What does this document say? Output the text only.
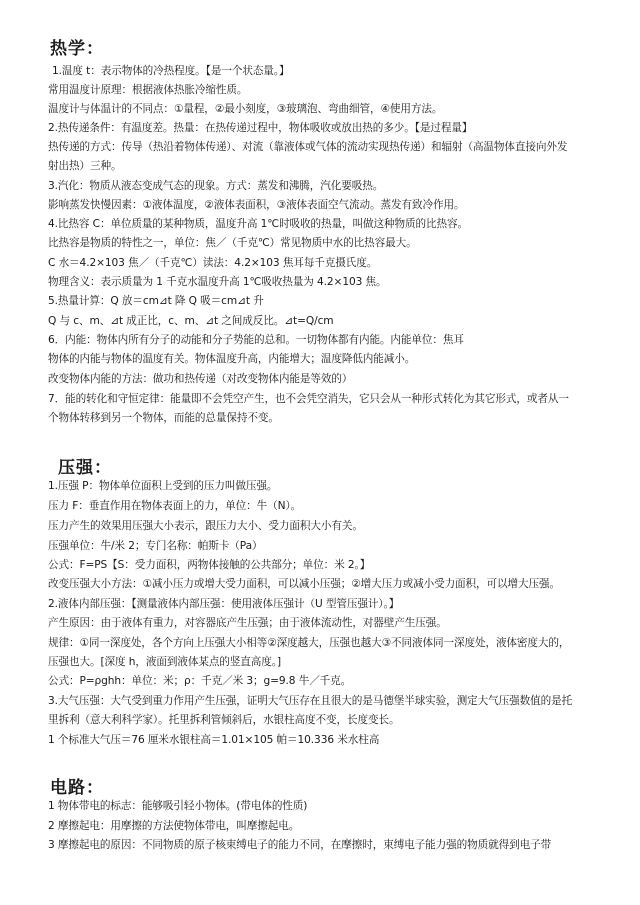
热学：
1.温度 t：表示物体的冷热程度。【是一个状态量。】
常用温度计原理：根据液体热胀冷缩性质。
温度计与体温计的不同点：①量程，②最小刻度，③玻璃泡、弯曲细管，④使用方法。
2.热传递条件：有温度差。热量：在热传递过程中，物体吸收或放出热的多少。【是过程量】
热传递的方式：传导（热沿着物体传递）、对流（靠液体或气体的流动实现热传递）和辐射（高温物体直接向外发
射出热）三种。
3.汽化：物质从液态变成气态的现象。方式：蒸发和沸腾，汽化要吸热。
影响蒸发快慢因素：①液体温度，②液体表面积，③液体表面空气流动。蒸发有致冷作用。
4.比热容 C：单位质量的某种物质，温度升高 1℃时吸收的热量，叫做这种物质的比热容。
比热容是物质的特性之一，单位：焦／（千克℃）常见物质中水的比热容最大。
C 水＝4.2×103 焦／（千克℃）读法：4.2×103 焦耳每千克摄氏度。
物理含义：表示质量为 1 千克水温度升高 1℃吸收热量为 4.2×103 焦。
5.热量计算：Q 放＝cm⊿t 降 Q 吸＝cm⊿t 升
Q 与 c、m、⊿t 成正比，c、m、⊿t 之间成反比。⊿t=Q/cm
6．内能：物体内所有分子的动能和分子势能的总和。一切物体都有内能。内能单位：焦耳
物体的内能与物体的温度有关。物体温度升高，内能增大；温度降低内能减小。
改变物体内能的方法：做功和热传递（对改变物体内能是等效的）
7．能的转化和守恒定律：能量即不会凭空产生，也不会凭空消失，它只会从一种形式转化为其它形式，或者从一
个物体转移到另一个物体，而能的总量保持不变。
压强：
1.压强 P：物体单位面积上受到的压力叫做压强。
压力 F：垂直作用在物体表面上的力，单位：牛（N）。
压力产生的效果用压强大小表示，跟压力大小、受力面积大小有关。
压强单位：牛/米 2；专门名称：帕斯卡（Pa）
公式：F=PS【S：受力面积，两物体接触的公共部分；单位：米 2。】
改变压强大小方法：①减小压力或增大受力面积，可以减小压强；②增大压力或减小受力面积，可以增大压强。
2.液体内部压强：【测量液体内部压强：使用液体压强计（U 型管压强计）。】
产生原因：由于液体有重力，对容器底产生压强；由于液体流动性，对器壁产生压强。
规律：①同一深度处，各个方向上压强大小相等②深度越大，压强也越大③不同液体同一深度处，液体密度大的，
压强也大。[深度 h，液面到液体某点的竖直高度。]
公式：P=ρghh：单位：米；ρ：千克／米 3；g=9.8 牛／千克。
3.大气压强：大气受到重力作用产生压强，证明大气压存在且很大的是马德堡半球实验，测定大气压强数值的是托
里拆利（意大利科学家）。托里拆利管倾斜后，水银柱高度不变，长度变长。
1 个标准大气压＝76 厘米水银柱高＝1.01×105 帕＝10.336 米水柱高
电路：
1 物体带电的标志：能够吸引轻小物体。(带电体的性质)
2 摩擦起电：用摩擦的方法使物体带电，叫摩擦起电。
3 摩擦起电的原因：不同物质的原子核束缚电子的能力不同，在摩擦时，束缚电子能力强的物质就得到电子带
